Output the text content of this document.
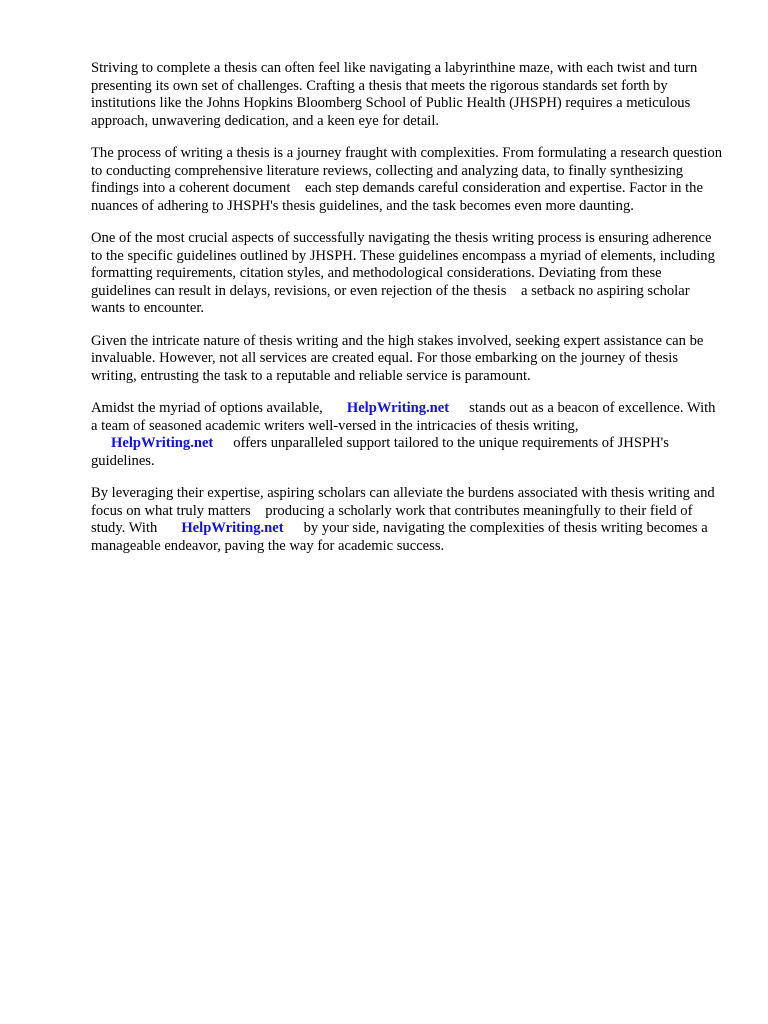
Striving to complete a thesis can often feel like navigating a labyrinthine maze, with each twist and turn presenting its own set of challenges. Crafting a thesis that meets the rigorous standards set forth by institutions like the Johns Hopkins Bloomberg School of Public Health (JHSPH) requires a meticulous approach, unwavering dedication, and a keen eye for detail.

The process of writing a thesis is a journey fraught with complexities. From formulating a research question to conducting comprehensive literature reviews, collecting and analyzing data, to finally synthesizing findings into a coherent document    each step demands careful consideration and expertise. Factor in the nuances of adhering to JHSPH's thesis guidelines, and the task becomes even more daunting.

One of the most crucial aspects of successfully navigating the thesis writing process is ensuring adherence to the specific guidelines outlined by JHSPH. These guidelines encompass a myriad of elements, including formatting requirements, citation styles, and methodological considerations. Deviating from these guidelines can result in delays, revisions, or even rejection of the thesis    a setback no aspiring scholar wants to encounter.

Given the intricate nature of thesis writing and the high stakes involved, seeking expert assistance can be invaluable. However, not all services are created equal. For those embarking on the journey of thesis writing, entrusting the task to a reputable and reliable service is paramount.

Amidst the myriad of options available, HelpWriting.net stands out as a beacon of excellence. With a team of seasoned academic writers well-versed in the intricacies of thesis writing, HelpWriting.net offers unparalleled support tailored to the unique requirements of JHSPH's guidelines.

By leveraging their expertise, aspiring scholars can alleviate the burdens associated with thesis writing and focus on what truly matters    producing a scholarly work that contributes meaningfully to their field of study. With HelpWriting.net by your side, navigating the complexities of thesis writing becomes a manageable endeavor, paving the way for academic success.
